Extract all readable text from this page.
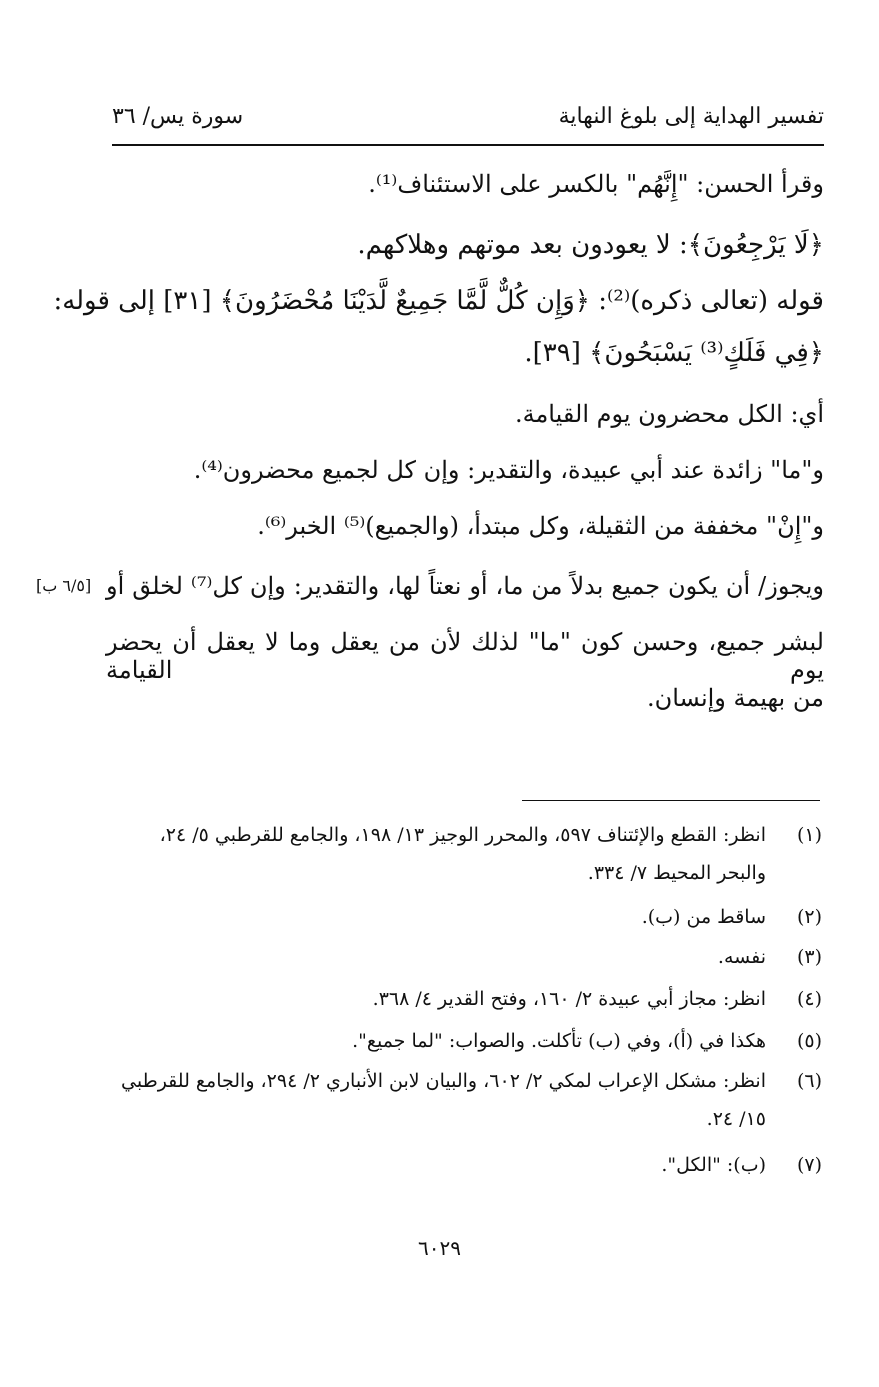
تفسير الهداية إلى بلوغ النهاية
سورة يس/ ٣٦
وقرأ الحسن: "إِنَّهُم" بالكسر على الاستئناف⁽¹⁾.
﴿لَا يَرْجِعُونَ﴾: لا يعودون بعد موتهم وهلاكهم.
قوله (تعالى ذكره)⁽²⁾: ﴿وَإِن كُلٌّ لَّمَّا جَمِيعٌ لَّدَيْنَا مُحْضَرُونَ﴾ [٣١] إلى قوله:
﴿فِي فَلَكٍ⁽³⁾ يَسْبَحُونَ﴾ [٣٩].
أي: الكل محضرون يوم القيامة.
و"ما" زائدة عند أبي عبيدة، والتقدير: وإن كل لجميع محضرون⁽⁴⁾.
و"إِنْ" مخففة من الثقيلة، وكل مبتدأ، (والجميع)⁽⁵⁾ الخبر⁽⁶⁾.
ويجوز/ أن يكون جميع بدلاً من ما، أو نعتاً لها، والتقدير: وإن كل⁽⁷⁾ لخلق أو
لبشر جميع، وحسن كون "ما" لذلك لأن من يعقل وما لا يعقل أن يحضر يوم القيامة
من بهيمة وإنسان.
[٦/٥ ب]
(١)
انظر: القطع والإئتناف ٥٩٧، والمحرر الوجيز ١٣/ ١٩٨، والجامع للقرطبي ٥/ ٢٤،
والبحر المحيط ٧/ ٣٣٤.
(٢)
ساقط من (ب).
(٣)
نفسه.
(٤)
انظر: مجاز أبي عبيدة ٢/ ١٦٠، وفتح القدير ٤/ ٣٦٨.
(٥)
هكذا في (أ)، وفي (ب) تأكلت. والصواب: "لما جميع".
(٦)
انظر: مشكل الإعراب لمكي ٢/ ٦٠٢، والبيان لابن الأنباري ٢/ ٢٩٤، والجامع للقرطبي
١٥/ ٢٤.
(٧)
(ب): "الكل".
٦٠٢٩
